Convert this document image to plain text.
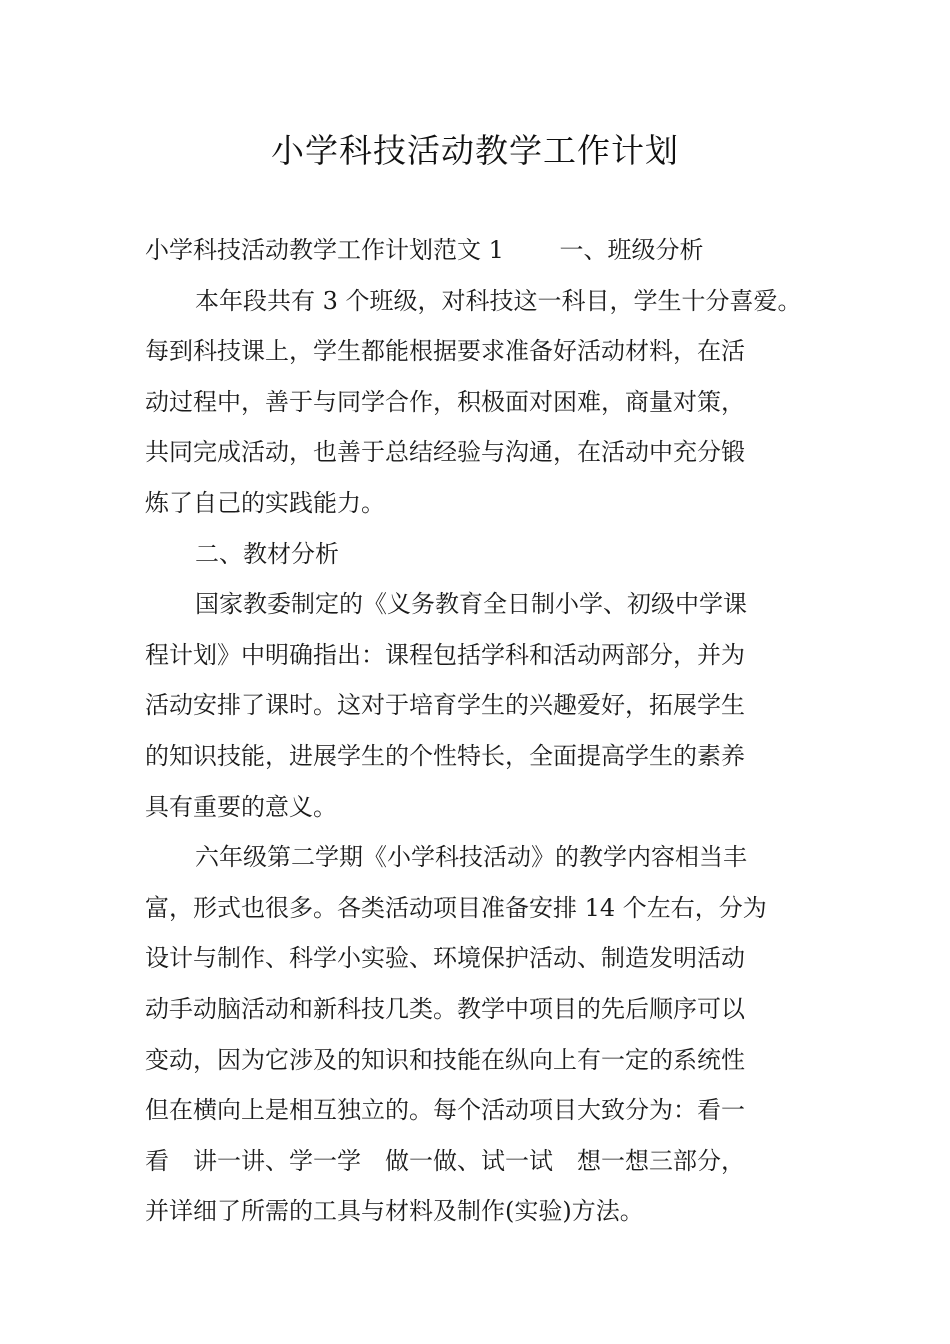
小学科技活动教学工作计划
小学科技活动教学工作计划范文 1　　 一、班级分析
本年段共有 3 个班级，对科技这一科目，学生十分喜爱。
每到科技课上，学生都能根据要求准备好活动材料，在活
动过程中，善于与同学合作，积极面对困难，商量对策，
共同完成活动，也善于总结经验与沟通，在活动中充分锻
炼了自己的实践能力。
二、教材分析
国家教委制定的《义务教育全日制小学、初级中学课
程计划》中明确指出：课程包括学科和活动两部分，并为
活动安排了课时。这对于培育学生的兴趣爱好，拓展学生
的知识技能，进展学生的个性特长，全面提高学生的素养
具有重要的意义。
六年级第二学期《小学科技活动》的教学内容相当丰
富，形式也很多。各类活动项目准备安排 14 个左右，分为
设计与制作、科学小实验、环境保护活动、制造发明活动
动手动脑活动和新科技几类。教学中项目的先后顺序可以
变动，因为它涉及的知识和技能在纵向上有一定的系统性
但在横向上是相互独立的。每个活动项目大致分为：看一
看　讲一讲、学一学　做一做、试一试　想一想三部分，
并详细了所需的工具与材料及制作(实验)方法。
